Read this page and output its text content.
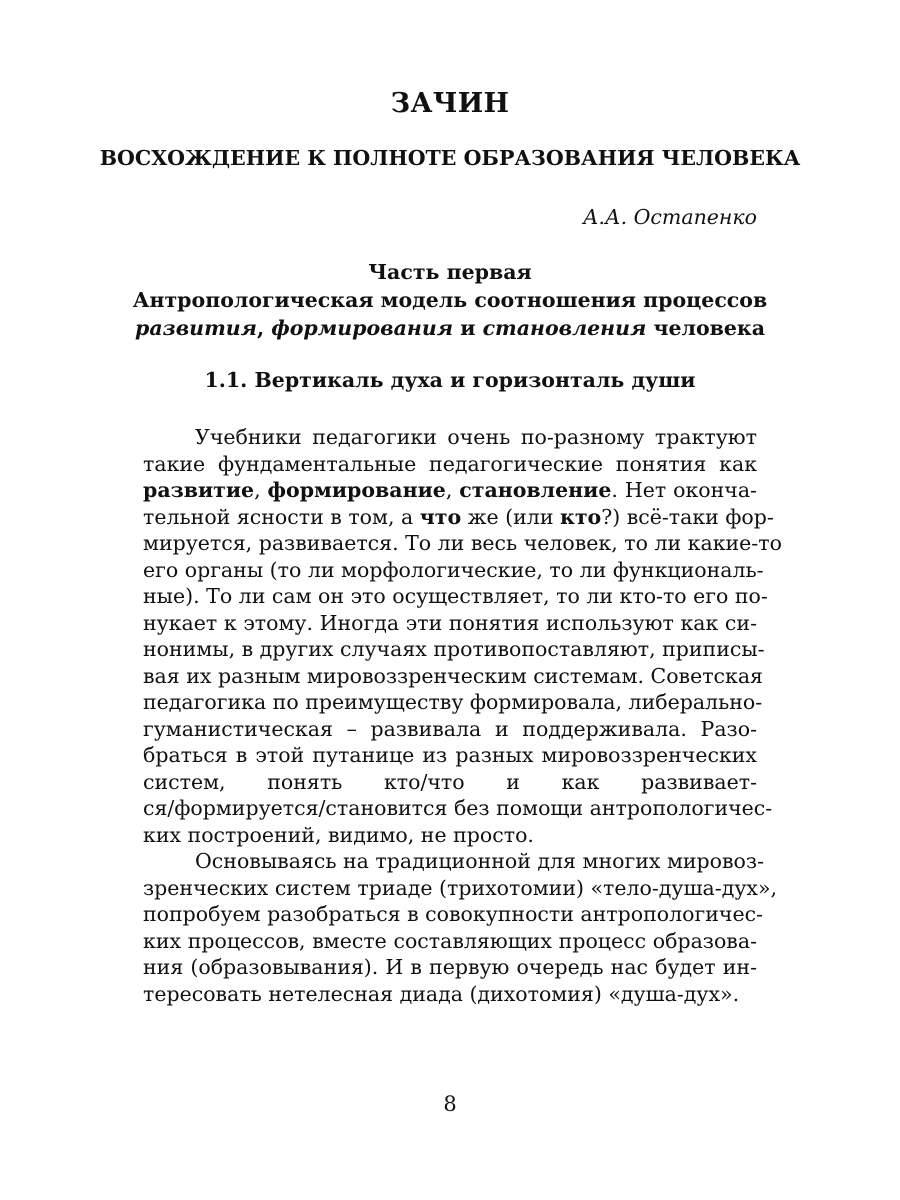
ЗАЧИН
ВОСХОЖДЕНИЕ К ПОЛНОТЕ ОБРАЗОВАНИЯ ЧЕЛОВЕКА
А.А. Остапенко
Часть первая
Антропологическая модель соотношения процессов
развития, формирования и становления человека
1.1. Вертикаль духа и горизонталь души
Учебники педагогики очень по-разному трактуют
такие фундаментальные педагогические понятия как
развитие, формирование, становление. Нет оконча-
тельной ясности в том, а что же (или кто?) всё-таки фор-
мируется, развивается. То ли весь человек, то ли какие-то
его органы (то ли морфологические, то ли функциональ-
ные). То ли сам он это осуществляет, то ли кто-то его по-
нукает к этому. Иногда эти понятия используют как си-
нонимы, в других случаях противопоставляют, приписы-
вая их разным мировоззренческим системам. Советская
педагогика по преимуществу формировала, либерально-
гуманистическая – развивала и поддерживала. Разо-
браться в этой путанице из разных мировоззренческих
систем, понять кто/что и как развивает-
ся/формируется/становится без помощи антропологичес-
ких построений, видимо, не просто.
Основываясь на традиционной для многих мировоз-
зренческих систем триаде (трихотомии) «тело-душа-дух»,
попробуем разобраться в совокупности антропологичес-
ких процессов, вместе составляющих процесс образова-
ния (образовывания). И в первую очередь нас будет ин-
тересовать нетелесная диада (дихотомия) «душа-дух».
8
